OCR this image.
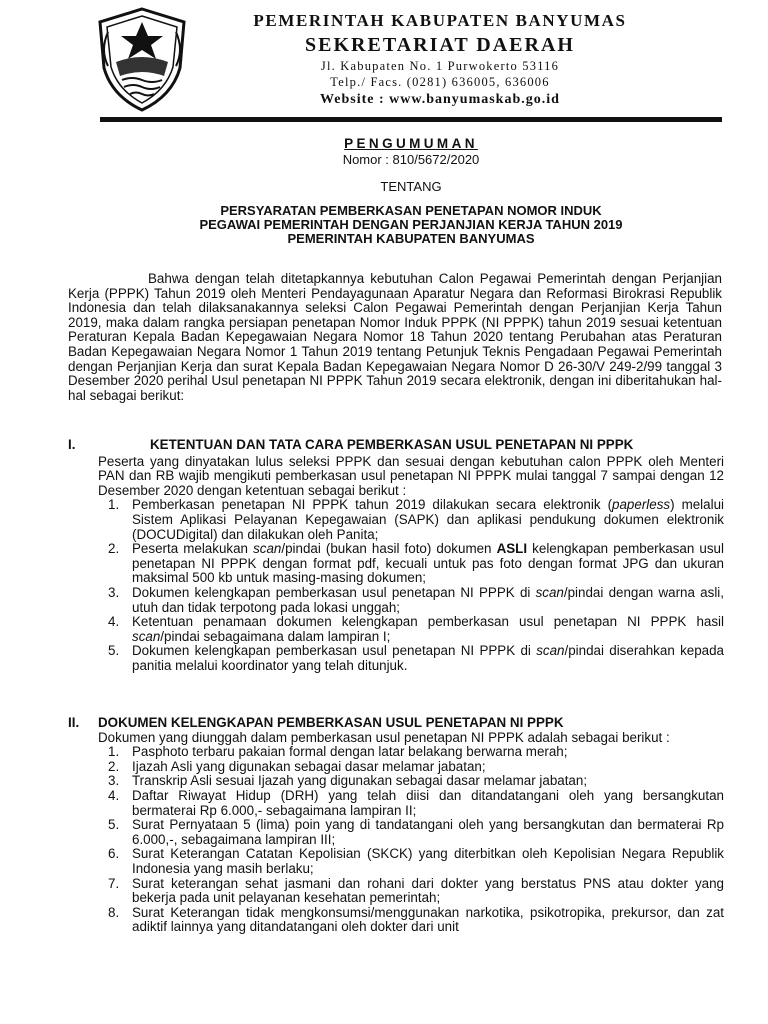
PEMERINTAH KABUPATEN BANYUMAS
SEKRETARIAT DAERAH
Jl. Kabupaten No. 1 Purwokerto 53116
Telp./ Facs. (0281) 636005, 636006
Website : www.banyumaskab.go.id
PENGUMUMAN
Nomor : 810/5672/2020
TENTANG
PERSYARATAN PEMBERKASAN PENETAPAN NOMOR INDUK
PEGAWAI PEMERINTAH DENGAN PERJANJIAN KERJA TAHUN 2019
PEMERINTAH KABUPATEN BANYUMAS

Bahwa dengan telah ditetapkannya kebutuhan Calon Pegawai Pemerintah dengan Perjanjian Kerja (PPPK) Tahun 2019 oleh Menteri Pendayagunaan Aparatur Negara dan Reformasi Birokrasi Republik Indonesia dan telah dilaksanakannya seleksi Calon Pegawai Pemerintah dengan Perjanjian Kerja Tahun 2019, maka dalam rangka persiapan penetapan Nomor Induk PPPK (NI PPPK) tahun 2019 sesuai ketentuan Peraturan Kepala Badan Kepegawaian Negara Nomor 18 Tahun 2020 tentang Perubahan atas Peraturan Badan Kepegawaian Negara Nomor 1 Tahun 2019 tentang Petunjuk Teknis Pengadaan Pegawai Pemerintah dengan Perjanjian Kerja dan surat Kepala Badan Kepegawaian Negara Nomor D 26-30/V 249-2/99 tanggal 3 Desember 2020 perihal Usul penetapan NI PPPK Tahun 2019 secara elektronik, dengan ini diberitahukan hal-hal sebagai berikut:

I.	KETENTUAN DAN TATA CARA PEMBERKASAN USUL PENETAPAN NI PPPK
Peserta yang dinyatakan lulus seleksi PPPK dan sesuai dengan kebutuhan calon PPPK oleh Menteri PAN dan RB wajib mengikuti pemberkasan usul penetapan NI PPPK mulai tanggal 7 sampai dengan 12 Desember 2020 dengan ketentuan sebagai berikut :
1. Pemberkasan penetapan NI PPPK tahun 2019 dilakukan secara elektronik (paperless) melalui Sistem Aplikasi Pelayanan Kepegawaian (SAPK) dan aplikasi pendukung dokumen elektronik (DOCUDigital) dan dilakukan oleh Panita;
2. Peserta melakukan scan/pindai (bukan hasil foto) dokumen ASLI kelengkapan pemberkasan usul penetapan NI PPPK dengan format pdf, kecuali untuk pas foto dengan format JPG dan ukuran maksimal 500 kb untuk masing-masing dokumen;
3. Dokumen kelengkapan pemberkasan usul penetapan NI PPPK di scan/pindai dengan warna asli, utuh dan tidak terpotong pada lokasi unggah;
4. Ketentuan penamaan dokumen kelengkapan pemberkasan usul penetapan NI PPPK hasil scan/pindai sebagaimana dalam lampiran I;
5. Dokumen kelengkapan pemberkasan usul penetapan NI PPPK di scan/pindai diserahkan kepada panitia melalui koordinator yang telah ditunjuk.
II. DOKUMEN KELENGKAPAN PEMBERKASAN USUL PENETAPAN NI PPPK
Dokumen yang diunggah dalam pemberkasan usul penetapan NI PPPK adalah sebagai berikut :
1. Pasphoto terbaru pakaian formal dengan latar belakang berwarna merah;
2. Ijazah Asli yang digunakan sebagai dasar melamar jabatan;
3. Transkrip Asli sesuai Ijazah yang digunakan sebagai dasar melamar jabatan;
4. Daftar Riwayat Hidup (DRH) yang telah diisi dan ditandatangani oleh yang bersangkutan bermaterai Rp 6.000,- sebagaimana lampiran II;
5. Surat Pernyataan 5 (lima) poin yang di tandatangani oleh yang bersangkutan dan bermaterai Rp 6.000,-, sebagaimana lampiran III;
6. Surat Keterangan Catatan Kepolisian (SKCK) yang diterbitkan oleh Kepolisian Negara Republik Indonesia yang masih berlaku;
7. Surat keterangan sehat jasmani dan rohani dari dokter yang berstatus PNS atau dokter yang bekerja pada unit pelayanan kesehatan pemerintah;
8. Surat Keterangan tidak mengkonsumsi/menggunakan narkotika, psikotropika, prekursor, dan zat adiktif lainnya yang ditandatangani oleh dokter dari unit
